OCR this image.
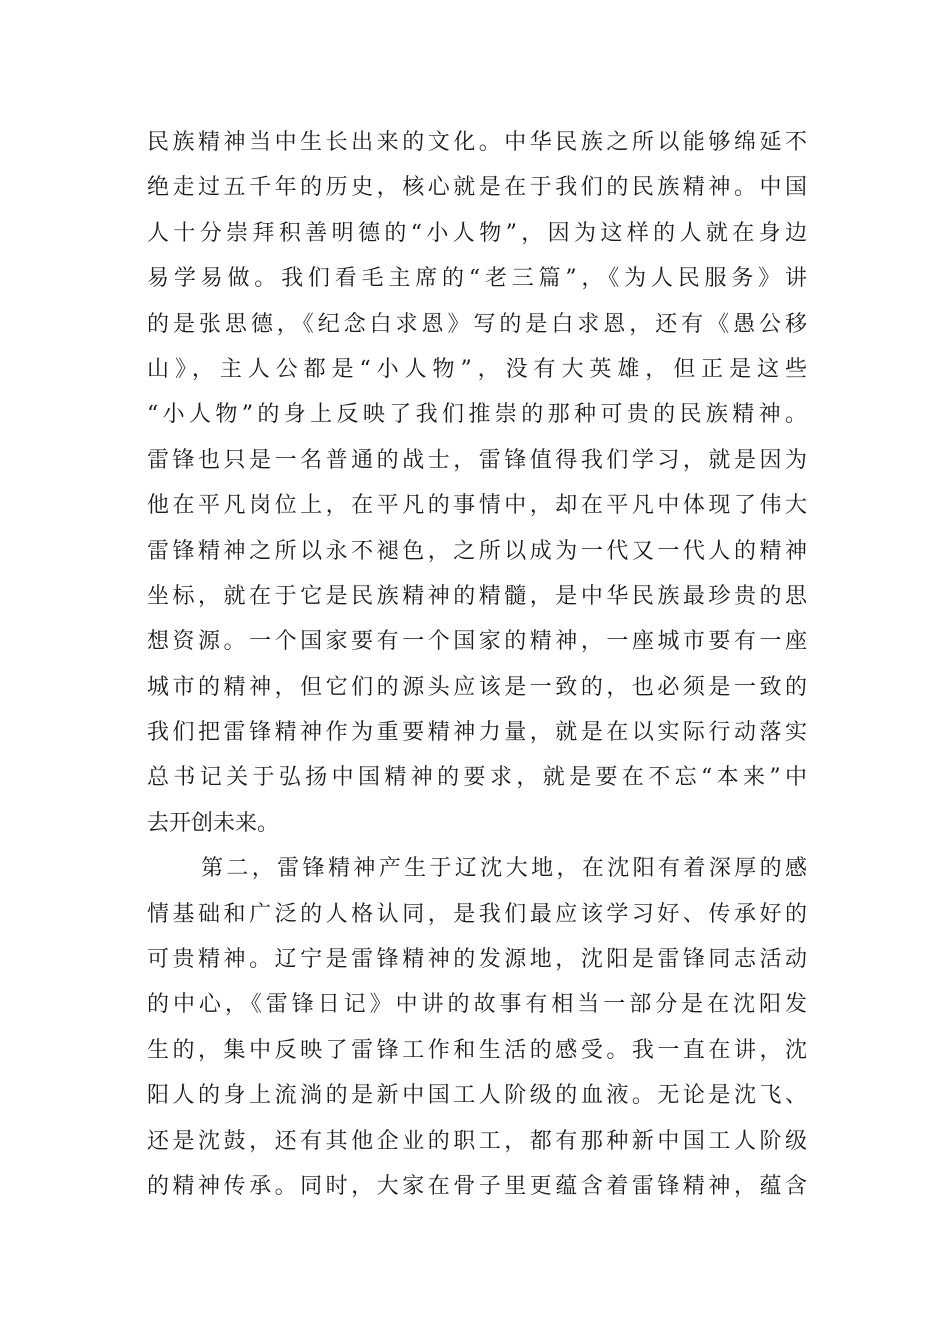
民族精神当中生长出来的文化。中华民族之所以能够绵延不
绝走过五千年的历史，核心就是在于我们的民族精神。中国
人十分崇拜积善明德的“小人物”，因为这样的人就在身边
易学易做。我们看毛主席的“老三篇”，《为人民服务》讲
的是张思德，《纪念白求恩》写的是白求恩，还有《愚公移
山》，主人公都是“小人物”，没有大英雄，但正是这些
“小人物”的身上反映了我们推崇的那种可贵的民族精神。
雷锋也只是一名普通的战士，雷锋值得我们学习，就是因为
他在平凡岗位上，在平凡的事情中，却在平凡中体现了伟大
雷锋精神之所以永不褪色，之所以成为一代又一代人的精神
坐标，就在于它是民族精神的精髓，是中华民族最珍贵的思
想资源。一个国家要有一个国家的精神，一座城市要有一座
城市的精神，但它们的源头应该是一致的，也必须是一致的
我们把雷锋精神作为重要精神力量，就是在以实际行动落实
总书记关于弘扬中国精神的要求，就是要在不忘“本来”中
去开创未来。
第二，雷锋精神产生于辽沈大地，在沈阳有着深厚的感
情基础和广泛的人格认同，是我们最应该学习好、传承好的
可贵精神。辽宁是雷锋精神的发源地，沈阳是雷锋同志活动
的中心，《雷锋日记》中讲的故事有相当一部分是在沈阳发
生的，集中反映了雷锋工作和生活的感受。我一直在讲，沈
阳人的身上流淌的是新中国工人阶级的血液。无论是沈飞、
还是沈鼓，还有其他企业的职工，都有那种新中国工人阶级
的精神传承。同时，大家在骨子里更蕴含着雷锋精神，蕴含
